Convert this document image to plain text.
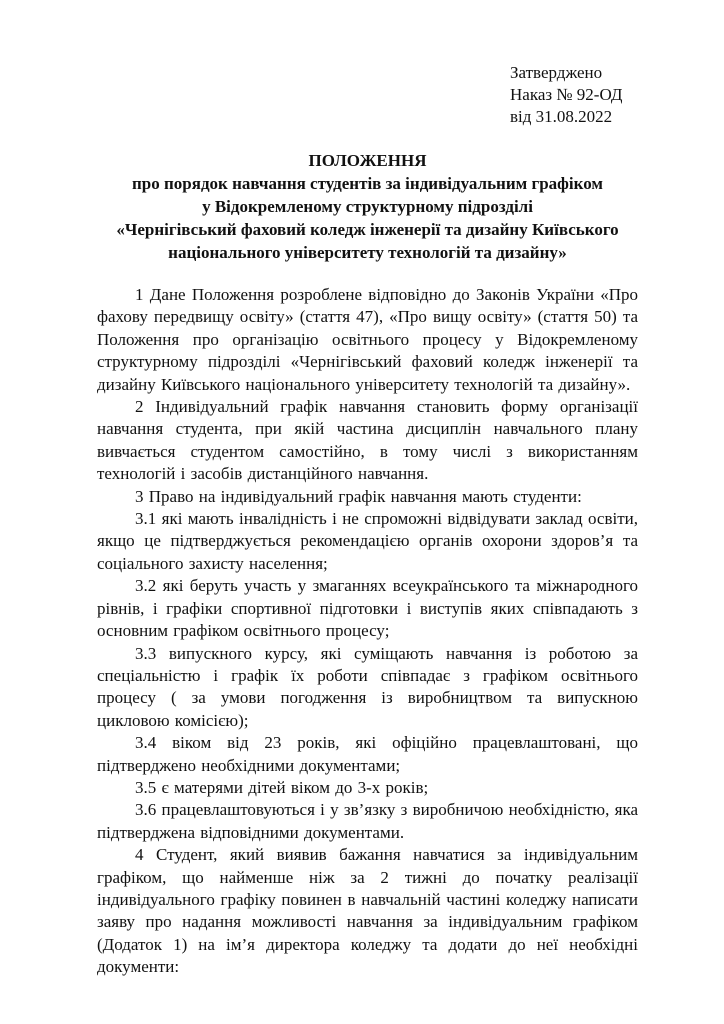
Затверджено
Наказ № 92-ОД
від 31.08.2022
ПОЛОЖЕННЯ
про порядок навчання студентів за індивідуальним графіком
у Відокремленому структурному підрозділі
«Чернігівський фаховий коледж інженерії та дизайну Київського
національного університету технологій та дизайну»

1 Дане Положення розроблене відповідно до Законів України «Про фахову передвищу освіту» (стаття 47), «Про вищу освіту» (стаття 50) та Положення про організацію освітнього процесу у Відокремленому структурному підрозділі «Чернігівський фаховий коледж інженерії та дизайну Київського національного університету технологій та дизайну».

2 Індивідуальний графік навчання становить форму організації навчання студента, при якій частина дисциплін навчального плану вивчається студентом самостійно, в тому числі з використанням технологій і засобів дистанційного навчання.

3 Право на індивідуальний графік навчання мають студенти:

3.1 які мають інвалідність і не спроможні відвідувати заклад освіти, якщо це підтверджується рекомендацією органів охорони здоров’я та соціального захисту населення;

3.2 які беруть участь у змаганнях всеукраїнського та міжнародного рівнів, і графіки спортивної підготовки і виступів яких співпадають з основним графіком освітнього процесу;

3.3 випускного курсу, які суміщають навчання із роботою за спеціальністю і графік їх роботи співпадає з графіком освітнього процесу ( за умови погодження із виробництвом та випускною цикловою комісією);

3.4 віком від 23 років, які офіційно працевлаштовані, що підтверджено необхідними документами;

3.5 є матерями дітей віком до 3-х років;

3.6 працевлаштовуються і у зв’язку з виробничою необхідністю, яка підтверджена відповідними документами.

4 Студент, який виявив бажання навчатися за індивідуальним графіком, що найменше ніж за 2 тижні до початку реалізації індивідуального графіку повинен в навчальній частині коледжу написати заяву про надання можливості навчання за індивідуальним графіком (Додаток 1) на ім’я директора коледжу та додати до неї необхідні документи:
